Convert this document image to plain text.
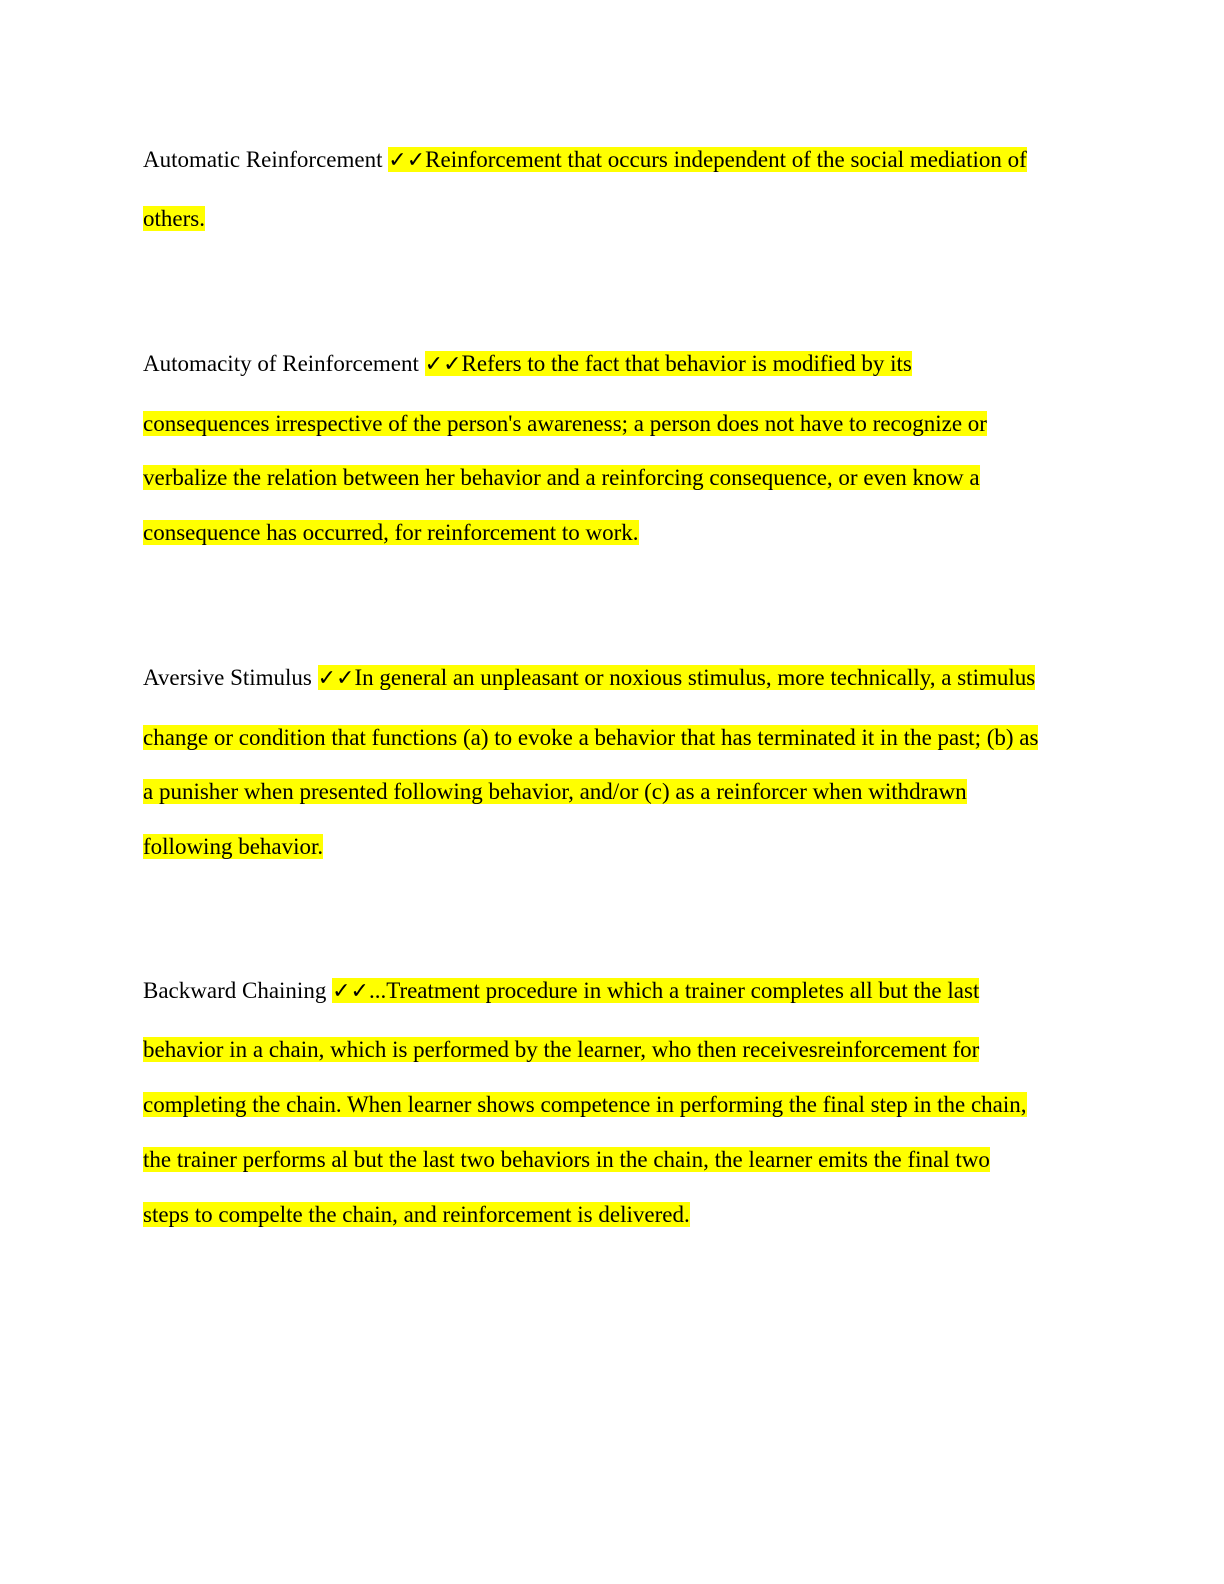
Automatic Reinforcement ✓✓Reinforcement that occurs independent of the social mediation of
others.
Automacity of Reinforcement ✓✓Refers to the fact that behavior is modified by its
consequences irrespective of the person's awareness; a person does not have to recognize or
verbalize the relation between her behavior and a reinforcing consequence, or even know a
consequence has occurred, for reinforcement to work.
Aversive Stimulus ✓✓In general an unpleasant or noxious stimulus, more technically, a stimulus
change or condition that functions (a) to evoke a behavior that has terminated it in the past; (b) as
a punisher when presented following behavior, and/or (c) as a reinforcer when withdrawn
following behavior.
Backward Chaining ✓✓...Treatment procedure in which a trainer completes all but the last
behavior in a chain, which is performed by the learner, who then receivesreinforcement for
completing the chain. When learner shows competence in performing the final step in the chain,
the trainer performs al but the last two behaviors in the chain, the learner emits the final two
steps to compelte the chain, and reinforcement is delivered.
